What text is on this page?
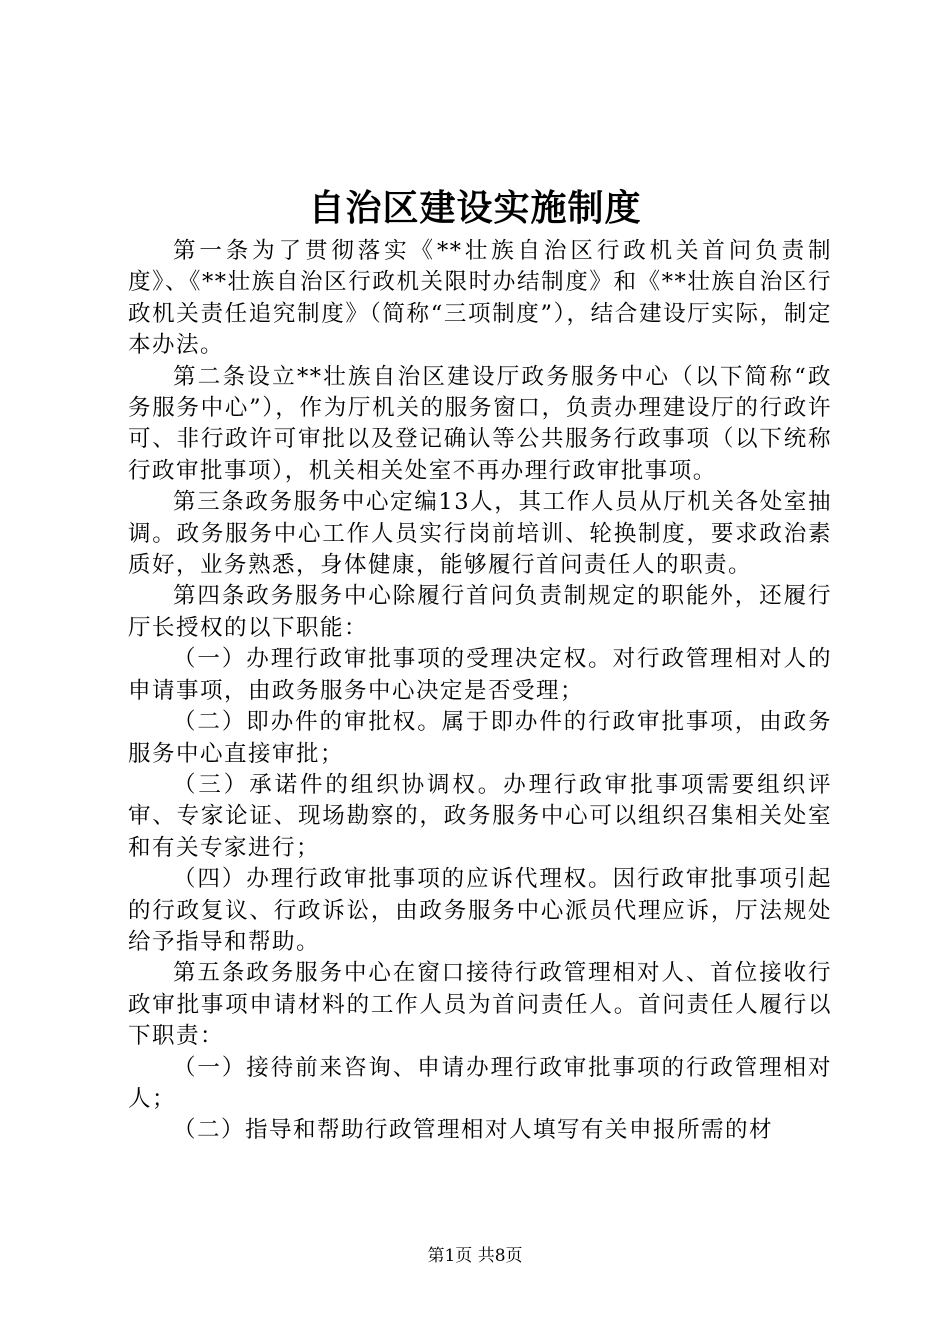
自治区建设实施制度

第一条为了贯彻落实《**壮族自治区行政机关首问负责制度》、《**壮族自治区行政机关限时办结制度》和《**壮族自治区行政机关责任追究制度》（简称“三项制度”），结合建设厅实际，制定本办法。

第二条设立**壮族自治区建设厅政务服务中心（以下简称“政务服务中心”），作为厅机关的服务窗口，负责办理建设厅的行政许可、非行政许可审批以及登记确认等公共服务行政事项（以下统称行政审批事项），机关相关处室不再办理行政审批事项。

第三条政务服务中心定编13人，其工作人员从厅机关各处室抽调。政务服务中心工作人员实行岗前培训、轮换制度，要求政治素质好，业务熟悉，身体健康，能够履行首问责任人的职责。

第四条政务服务中心除履行首问负责制规定的职能外，还履行厅长授权的以下职能：

（一）办理行政审批事项的受理决定权。对行政管理相对人的申请事项，由政务服务中心决定是否受理；

（二）即办件的审批权。属于即办件的行政审批事项，由政务服务中心直接审批；

（三）承诺件的组织协调权。办理行政审批事项需要组织评审、专家论证、现场勘察的，政务服务中心可以组织召集相关处室和有关专家进行；

（四）办理行政审批事项的应诉代理权。因行政审批事项引起的行政复议、行政诉讼，由政务服务中心派员代理应诉，厅法规处给予指导和帮助。

第五条政务服务中心在窗口接待行政管理相对人、首位接收行政审批事项申请材料的工作人员为首问责任人。首问责任人履行以下职责：

（一）接待前来咨询、申请办理行政审批事项的行政管理相对人；

（二）指导和帮助行政管理相对人填写有关申报所需的材

第1页 共8页
